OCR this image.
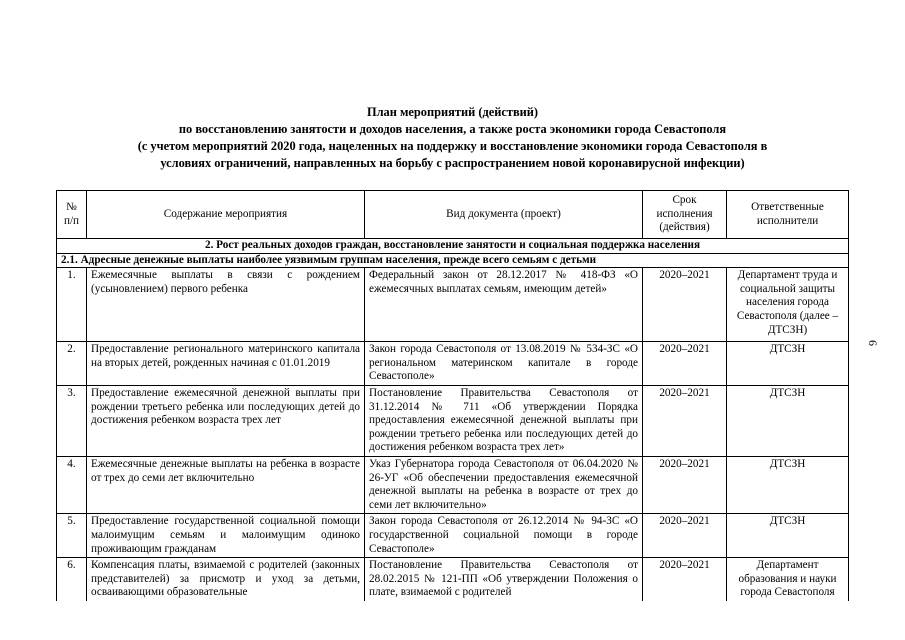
План мероприятий (действий)
по восстановлению занятости и доходов населения, а также роста экономики города Севастополя
(с учетом мероприятий 2020 года, нацеленных на поддержку и восстановление экономики города Севастополя в
условиях ограничений, направленных на борьбу с распространением новой коронавирусной инфекции)
6
№ п/п	Содержание мероприятия	Вид документа (проект)	Срок исполнения (действия)	Ответственные исполнители
2. Рост реальных доходов граждан, восстановление занятости и социальная поддержка населения				
2.1. Адресные денежные выплаты наиболее уязвимым группам населения, прежде всего семьям с детьми				
1.	Ежемесячные выплаты в связи с рождением (усыновлением) первого ребенка	Федеральный закон от 28.12.2017 № 418-ФЗ «О ежемесячных выплатах семьям, имеющим детей»	2020–2021	Департамент труда и социальной защиты населения города Севастополя (далее – ДТСЗН)
2.	Предоставление регионального материнского капитала на вторых детей, рожденных начиная с 01.01.2019	Закон города Севастополя от 13.08.2019 № 534-ЗС «О региональном материнском капитале в городе Севастополе»	2020–2021	ДТСЗН
3.	Предоставление ежемесячной денежной выплаты при рождении третьего ребенка или последующих детей до достижения ребенком возраста трех лет	Постановление Правительства Севастополя от 31.12.2014 № 711 «Об утверждении Порядка предоставления ежемесячной денежной выплаты при рождении третьего ребенка или последующих детей до достижения ребенком возраста трех лет»	2020–2021	ДТСЗН
4.	Ежемесячные денежные выплаты на ребенка в возрасте от трех до семи лет включительно	Указ Губернатора города Севастополя от 06.04.2020 № 26-УГ «Об обеспечении предоставления ежемесячной денежной выплаты на ребенка в возрасте от трех до семи лет включительно»	2020–2021	ДТСЗН
5.	Предоставление государственной социальной помощи малоимущим семьям и малоимущим одиноко проживающим гражданам	Закон города Севастополя от 26.12.2014 № 94-ЗС «О государственной социальной помощи в городе Севастополе»	2020–2021	ДТСЗН
6.	Компенсация платы, взимаемой с родителей (законных представителей) за присмотр и уход за детьми, осваивающими образовательные	Постановление Правительства Севастополя от 28.02.2015 № 121-ПП «Об утверждении Положения о плате, взимаемой с родителей	2020–2021	Департамент образования и науки города Севастополя
